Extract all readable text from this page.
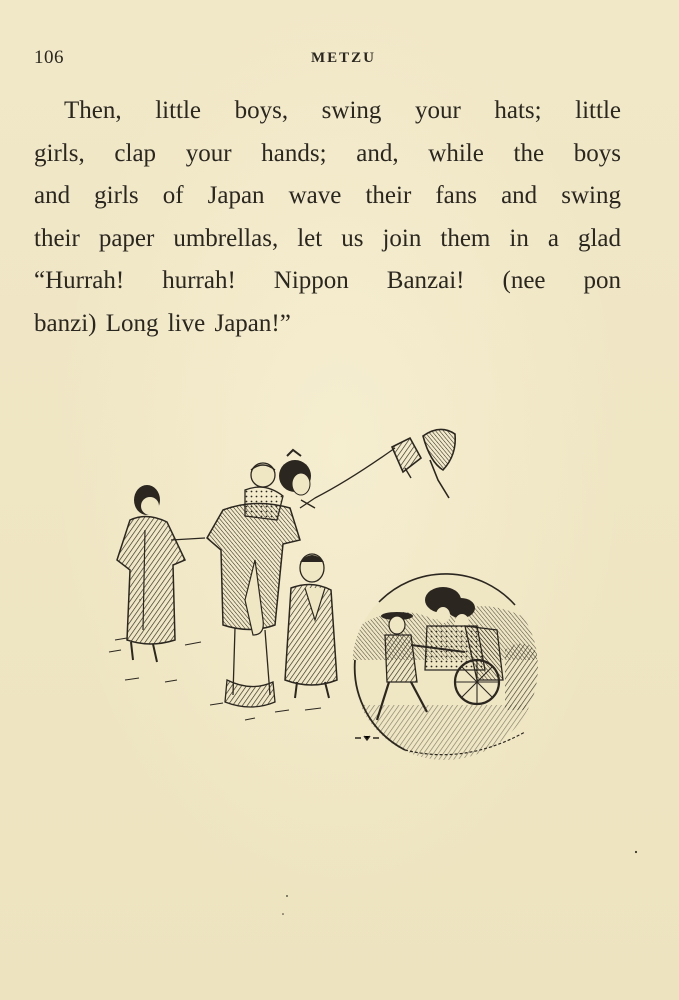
106	METZU
Then, little boys, swing your hats; little
girls, clap your hands; and, while the boys
and girls of Japan wave their fans and swing
their paper umbrellas, let us join them in a glad
“Hurrah! hurrah! Nippon Banzai! (nee pon
banzi) Long live Japan!”
